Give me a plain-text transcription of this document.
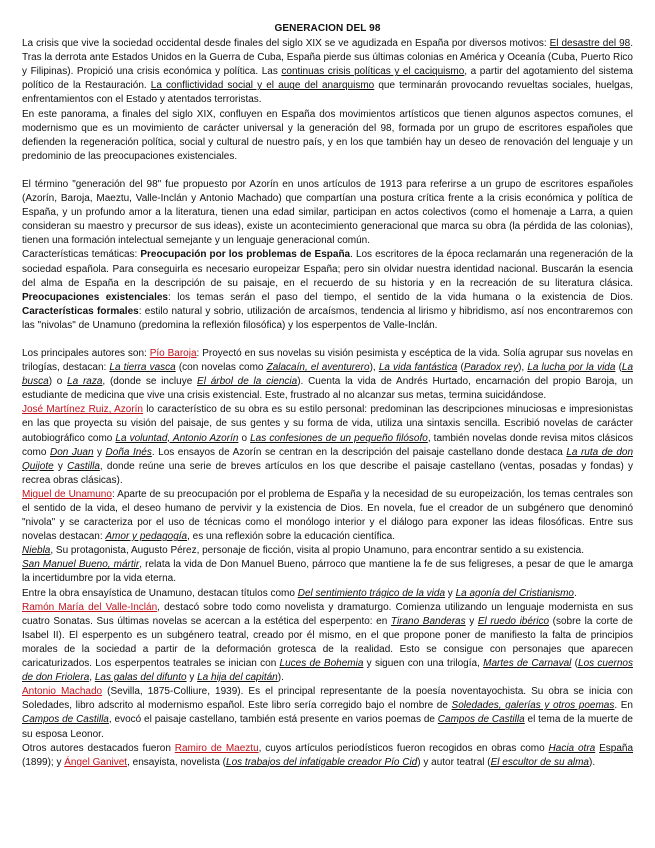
GENERACION DEL 98

La crisis que vive la sociedad occidental desde finales del siglo XIX se ve agudizada en España por diversos motivos: El desastre del 98. Tras la derrota ante Estados Unidos en la Guerra de Cuba, España pierde sus últimas colonias en América y Oceanía (Cuba, Puerto Rico y Filipinas). Propició una crisis económica y política. Las continuas crisis políticas y el caciquismo, a partir del agotamiento del sistema político de la Restauración. La conflictividad social y el auge del anarquismo que terminarán provocando revueltas sociales, huelgas, enfrentamientos con el Estado y atentados terroristas.

En este panorama, a finales del siglo XIX, confluyen en España dos movimientos artísticos que tienen algunos aspectos comunes, el modernismo que es un movimiento de carácter universal y la generación del 98, formada por un grupo de escritores españoles que defienden la regeneración política, social y cultural de nuestro país, y en los que también hay un deseo de renovación del lenguaje y un predominio de las preocupaciones existenciales.

El término "generación del 98" fue propuesto por Azorín en unos artículos de 1913 para referirse a un grupo de escritores españoles (Azorín, Baroja, Maeztu, Valle-Inclán y Antonio Machado) que compartían una postura crítica frente a la crisis económica y política de España, y un profundo amor a la literatura, tienen una edad similar, participan en actos colectivos (como el homenaje a Larra, a quien consideran su maestro y precursor de sus ideas), existe un acontecimiento generacional que marca su obra (la pérdida de las colonias), tienen una formación intelectual semejante y un lenguaje generacional común.

Características temáticas: Preocupación por los problemas de España. Los escritores de la época reclamarán una regeneración de la sociedad española. Para conseguirla es necesario europeizar España; pero sin olvidar nuestra identidad nacional. Buscarán la esencia del alma de España en la descripción de su paisaje, en el recuerdo de su historia y en la recreación de su literatura clásica. Preocupaciones existenciales: los temas serán el paso del tiempo, el sentido de la vida humana o la existencia de Dios. Características formales: estilo natural y sobrio, utilización de arcaísmos, tendencia al lirismo y hibridismo, así nos encontraremos con las "nivolas" de Unamuno (predomina la reflexión filosófica) y los esperpentos de Valle-Inclán.

Los principales autores son: Pío Baroja: Proyectó en sus novelas su visión pesimista y escéptica de la vida. Solía agrupar sus novelas en trilogías, destacan: La tierra vasca (con novelas como Zalacaín, el aventurero), La vida fantástica (Paradox rey), La lucha por la vida (La busca) o La raza, (donde se incluye El árbol de la ciencia). Cuenta la vida de Andrés Hurtado, encarnación del propio Baroja, un estudiante de medicina que vive una crisis existencial. Este, frustrado al no alcanzar sus metas, termina suicidándose.

José Martínez Ruiz, Azorín lo característico de su obra es su estilo personal: predominan las descripciones minuciosas e impresionistas en las que proyecta su visión del paisaje, de sus gentes y su forma de vida, utiliza una sintaxis sencilla. Escribió novelas de carácter autobiográfico como La voluntad, Antonio Azorín o Las confesiones de un pequeño filósofo, también novelas donde revisa mitos clásicos como Don Juan y Doña Inés. Los ensayos de Azorín se centran en la descripción del paisaje castellano donde destaca La ruta de don Quijote y Castilla, donde reúne una serie de breves artículos en los que describe el paisaje castellano (ventas, posadas y fondas) y recrea obras clásicas).

Miguel de Unamuno: Aparte de su preocupación por el problema de España y la necesidad de su europeización, los temas centrales son el sentido de la vida, el deseo humano de pervivir y la existencia de Dios. En novela, fue el creador de un subgénero que denominó "nivola" y se caracteriza por el uso de técnicas como el monólogo interior y el diálogo para exponer las ideas filosóficas. Entre sus novelas destacan: Amor y pedagogía, es una reflexión sobre la educación científica.

Niebla, Su protagonista, Augusto Pérez, personaje de ficción, visita al propio Unamuno, para encontrar sentido a su existencia.

San Manuel Bueno, mártir, relata la vida de Don Manuel Bueno, párroco que mantiene la fe de sus feligreses, a pesar de que le amarga la incertidumbre por la vida eterna.

Entre la obra ensayística de Unamuno, destacan títulos como Del sentimiento trágico de la vida y La agonía del Cristianismo.

Ramón María del Valle-Inclán, destacó sobre todo como novelista y dramaturgo. Comienza utilizando un lenguaje modernista en sus cuatro Sonatas. Sus últimas novelas se acercan a la estética del esperpento: en Tirano Banderas y El ruedo ibérico (sobre la corte de Isabel II). El esperpento es un subgénero teatral, creado por él mismo, en el que propone poner de manifiesto la falta de principios morales de la sociedad a partir de la deformación grotesca de la realidad. Esto se consigue con personajes que aparecen caricaturizados. Los esperpentos teatrales se inician con Luces de Bohemia y siguen con una trilogía, Martes de Carnaval (Los cuernos de don Friolera, Las galas del difunto y La hija del capitán).

Antonio Machado (Sevilla, 1875-Colliure, 1939). Es el principal representante de la poesía noventayochista. Su obra se inicia con Soledades, libro adscrito al modernismo español. Este libro sería corregido bajo el nombre de Soledades, galerías y otros poemas. En Campos de Castilla, evocó el paisaje castellano, también está presente en varios poemas de Campos de Castilla el tema de la muerte de su esposa Leonor.

Otros autores destacados fueron Ramiro de Maeztu, cuyos artículos periodísticos fueron recogidos en obras como Hacia otra España (1899); y Ángel Ganivet, ensayista, novelista (Los trabajos del infatigable creador Pío Cid) y autor teatral (El escultor de su alma).
